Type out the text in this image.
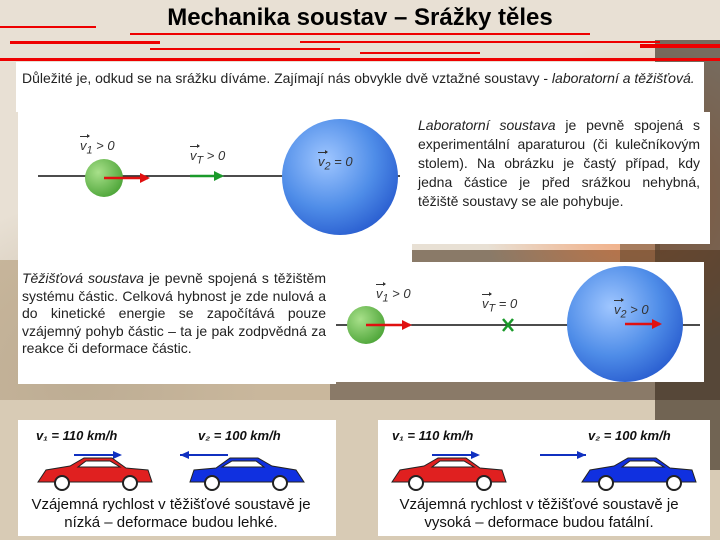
Mechanika soustav – Srážky těles
Důležité je, odkud se na srážku díváme. Zajímají nás obvykle dvě vztažné soustavy - laboratorní a těžišťová.
$v_1 > 0$
$v_T > 0$	$v_2 = 0$
Laboratorní soustava je pevně spojená s experimentální aparaturou (či kulečníkovým stolem). Na obrázku je častý případ, kdy jedna částice je před srážkou nehybná, těžiště soustavy se ale pohybuje.
Těžišťová soustava je pevně spojená s těžištěm systému částic. Celková hybnost je zde nulová a do kinetické energie se započítává pouze vzájemný pohyb částic – ta je pak zodpvědná za reakce či deformace částic.
$v_1 > 0$
$v_T = 0$	$v_2 > 0$
v₁ = 110 km/h	v₂ = 100 km/h	v₁ = 110 km/h	v₂ = 100 km/h
Vzájemná rychlost v těžišťové soustavě je nízká – deformace budou lehké.
Vzájemná rychlost v těžišťové soustavě je vysoká – deformace budou fatální.
